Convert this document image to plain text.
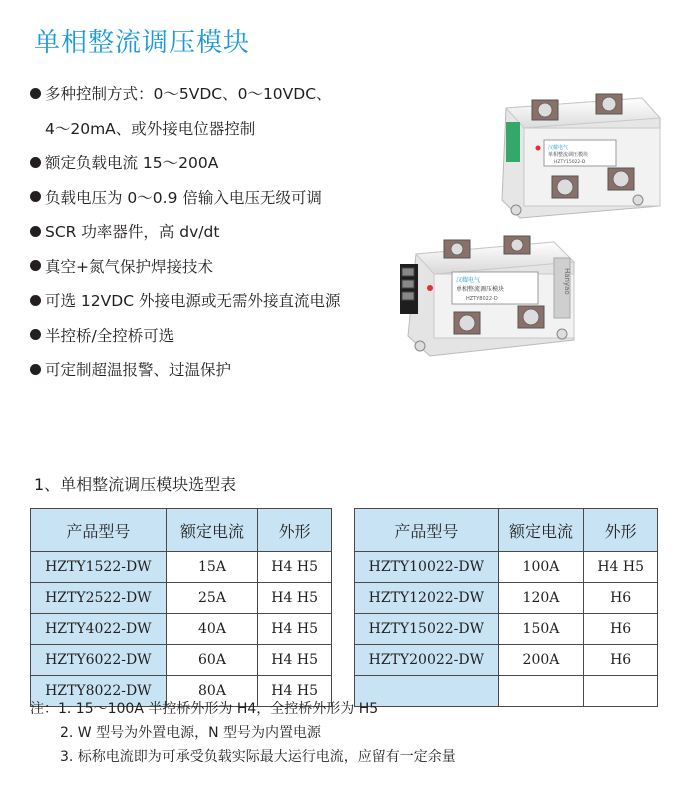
单相整流调压模块
多种控制方式：0～5VDC、0～10VDC、
4～20mA、或外接电位器控制
额定负载电流 15～200A
负载电压为 0～0.9 倍输入电压无级可调
SCR 功率器件，高 dv/dt
真空+氮气保护焊接技术
可选 12VDC 外接电源或无需外接直流电源
半控桥/全控桥可选
可定制超温报警、过温保护
汉耀电气
单相整流调压模块
HZTY15022-D
Hanyao
汉耀电气
单相整流调压模块
HZTY8022-D
1、单相整流调压模块选型表
产品型号	额定电流	外形
HZTY1522-DW	15A	H4 H5
HZTY2522-DW	25A	H4 H5
HZTY4022-DW	40A	H4 H5
HZTY6022-DW	60A	H4 H5
HZTY8022-DW	80A	H4 H5
产品型号	额定电流	外形
HZTY10022-DW	100A	H4 H5
HZTY12022-DW	120A	H6
HZTY15022-DW	150A	H6
HZTY20022-DW	200A	H6

注：1. 15～100A 半控桥外形为 H4，全控桥外形为 H5
2. W 型号为外置电源，N 型号为内置电源
3. 标称电流即为可承受负载实际最大运行电流，应留有一定余量
